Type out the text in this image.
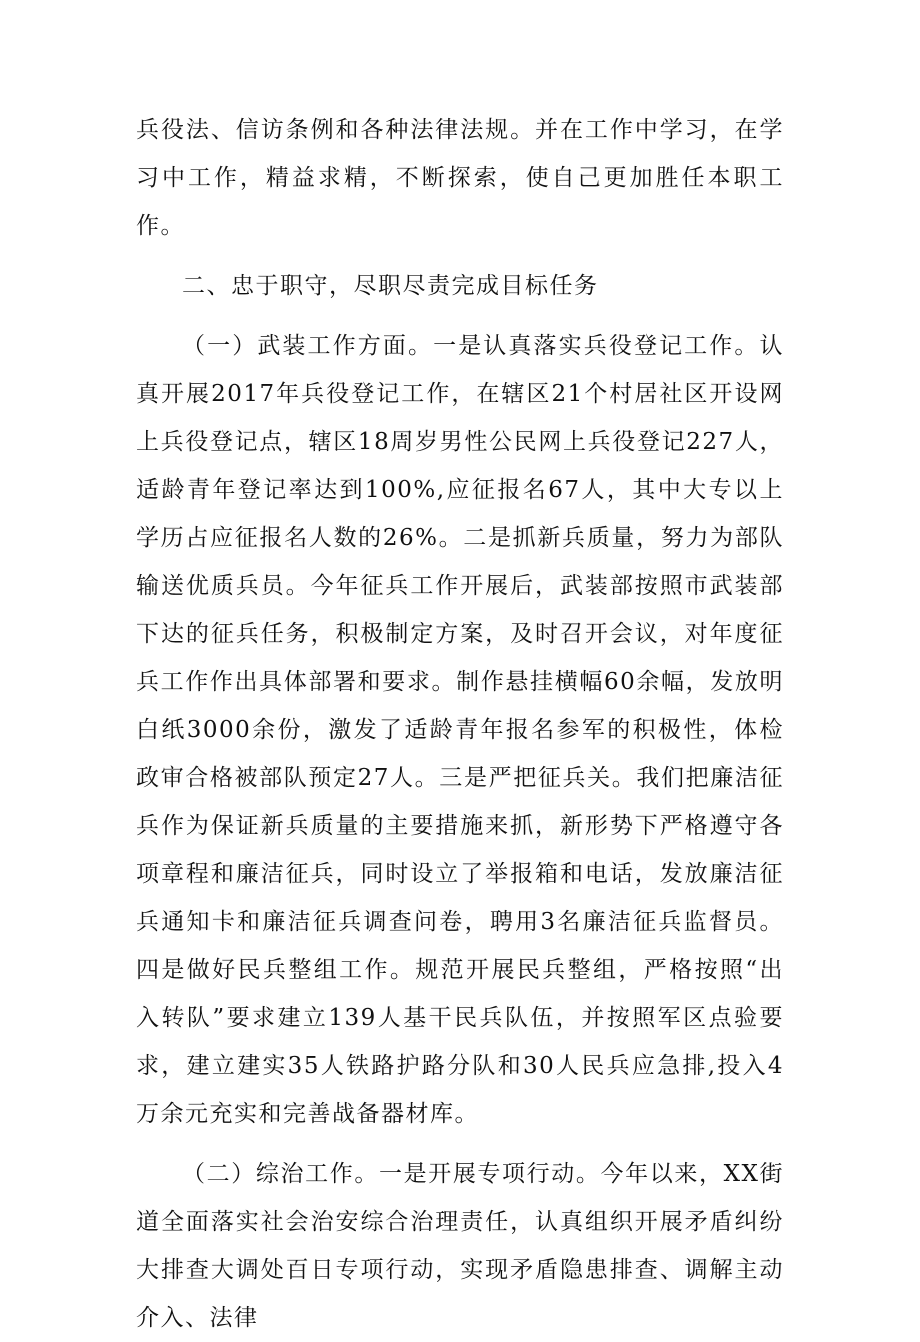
兵役法、信访条例和各种法律法规。并在工作中学习，在学习中工作，精益求精，不断探索，使自己更加胜任本职工作。

二、忠于职守，尽职尽责完成目标任务

（一）武装工作方面。一是认真落实兵役登记工作。认真开展2017年兵役登记工作，在辖区21个村居社区开设网上兵役登记点，辖区18周岁男性公民网上兵役登记227人，适龄青年登记率达到100%,应征报名67人，其中大专以上学历占应征报名人数的26%。二是抓新兵质量，努力为部队输送优质兵员。今年征兵工作开展后，武装部按照市武装部下达的征兵任务，积极制定方案，及时召开会议，对年度征兵工作作出具体部署和要求。制作悬挂横幅60余幅，发放明白纸3000余份，激发了适龄青年报名参军的积极性，体检政审合格被部队预定27人。三是严把征兵关。我们把廉洁征兵作为保证新兵质量的主要措施来抓，新形势下严格遵守各项章程和廉洁征兵，同时设立了举报箱和电话，发放廉洁征兵通知卡和廉洁征兵调查问卷，聘用3名廉洁征兵监督员。四是做好民兵整组工作。规范开展民兵整组，严格按照“出入转队”要求建立139人基干民兵队伍，并按照军区点验要求，建立建实35人铁路护路分队和30人民兵应急排,投入4万余元充实和完善战备器材库。

（二）综治工作。一是开展专项行动。今年以来，XX街道全面落实社会治安综合治理责任，认真组织开展矛盾纠纷大排查大调处百日专项行动，实现矛盾隐患排查、调解主动介入、法律
